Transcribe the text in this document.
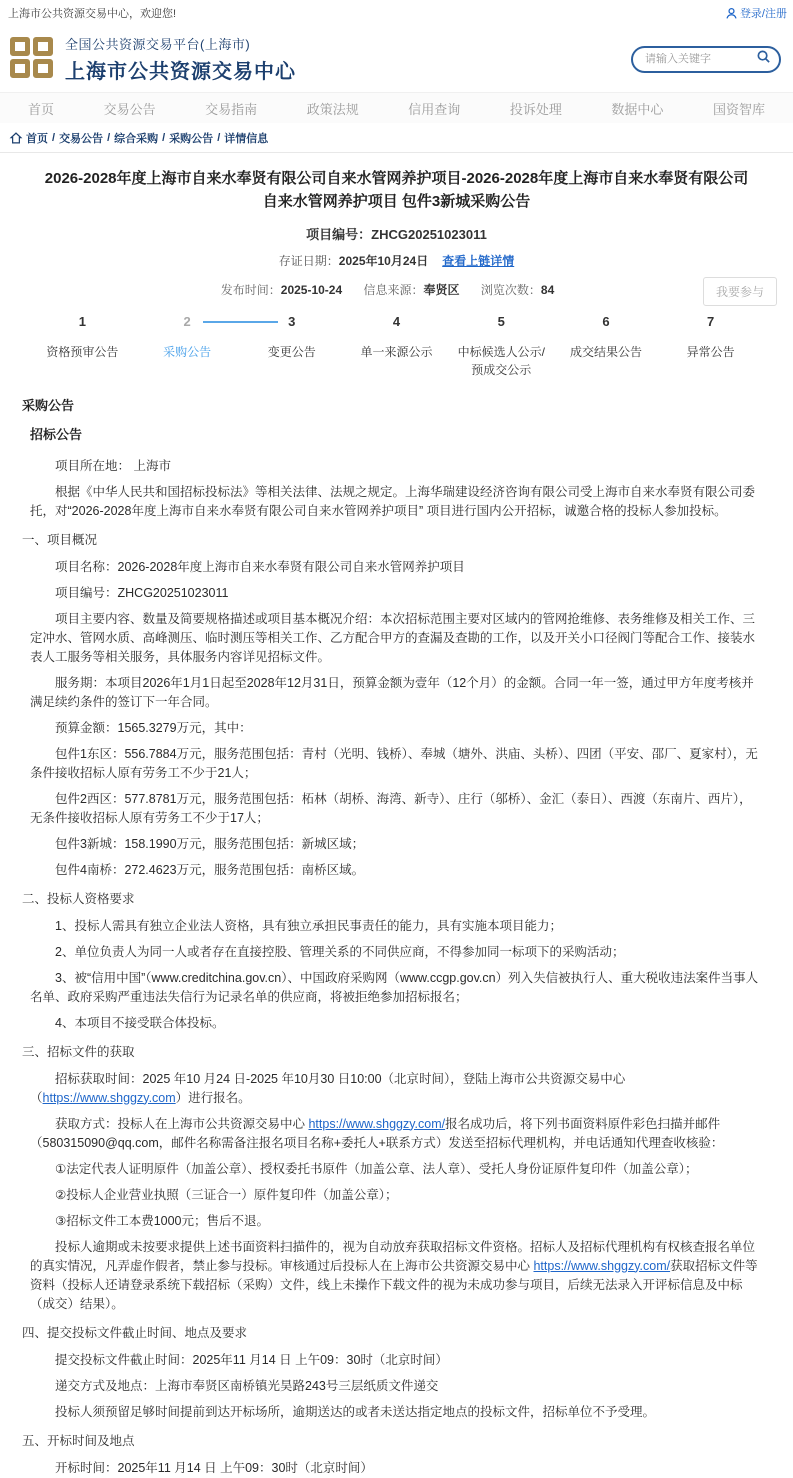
上海市公共资源交易中心，欢迎您!	登录/注册
全国公共资源交易平台(上海市)
上海市公共资源交易中心
请输入关键字
首页	交易公告	交易指南	政策法规	信用查询	投诉处理	数据中心	国资智库
首页 / 交易公告 / 综合采购 / 采购公告 / 详情信息
2026-2028年度上海市自来水奉贤有限公司自来水管网养护项目-2026-2028年度上海市自来水奉贤有限公司自来水管网养护项目 包件3新城采购公告
项目编号：ZHCG20251023011
存证日期：2025年10月24日 查看上链详情
发布时间：2025-10-24 信息来源：奉贤区 浏览次数：84	我要参与
1
资格预审公告
2
采购公告
3
变更公告
4
单一来源公示
5
中标候选人公示/预成交公示
6
成交结果公告
7
异常公告
采购公告
招标公告

项目所在地： 上海市

根据《中华人民共和国招标投标法》等相关法律、法规之规定。上海华瑞建设经济咨询有限公司受上海市自来水奉贤有限公司委托，对“2026-2028年度上海市自来水奉贤有限公司自来水管网养护项目” 项目进行国内公开招标，诚邀合格的投标人参加投标。

一、项目概况

项目名称：2026-2028年度上海市自来水奉贤有限公司自来水管网养护项目

项目编号：ZHCG20251023011

项目主要内容、数量及简要规格描述或项目基本概况介绍：本次招标范围主要对区域内的管网抢维修、表务维修及相关工作、三定冲水、管网水质、高峰测压、临时测压等相关工作、乙方配合甲方的查漏及查勘的工作，以及开关小口径阀门等配合工作、接装水表人工服务等相关服务，具体服务内容详见招标文件。

服务期：本项目2026年1月1日起至2028年12月31日，预算金额为壹年（12个月）的金额。合同一年一签，通过甲方年度考核并满足续约条件的签订下一年合同。

预算金额：1565.3279万元，其中：

包件1东区：556.7884万元，服务范围包括：青村（光明、钱桥）、奉城（塘外、洪庙、头桥）、四团（平安、邵厂、夏家村），无条件接收招标人原有劳务工不少于21人；

包件2西区：577.8781万元，服务范围包括：柘林（胡桥、海湾、新寺）、庄行（邬桥）、金汇（泰日）、西渡（东南片、西片），无条件接收招标人原有劳务工不少于17人；

包件3新城：158.1990万元，服务范围包括：新城区域；

包件4南桥：272.4623万元，服务范围包括：南桥区域。

二、投标人资格要求

1、投标人需具有独立企业法人资格，具有独立承担民事责任的能力，具有实施本项目能力；

2、单位负责人为同一人或者存在直接控股、管理关系的不同供应商，不得参加同一标项下的采购活动；

3、被“信用中国”（www.creditchina.gov.cn）、中国政府采购网（www.ccgp.gov.cn）列入失信被执行人、重大税收违法案件当事人名单、政府采购严重违法失信行为记录名单的供应商，将被拒绝参加招标报名；

4、本项目不接受联合体投标。

三、招标文件的获取

招标获取时间：2025 年10 月24 日-2025 年10月30 日10:00（北京时间），登陆上海市公共资源交易中心（https://www.shggzy.com）进行报名。

获取方式：投标人在上海市公共资源交易中心 https://www.shggzy.com/报名成功后，将下列书面资料原件彩色扫描并邮件（580315090@qq.com，邮件名称需备注报名项目名称+委托人+联系方式）发送至招标代理机构，并电话通知代理查收核验：

①法定代表人证明原件（加盖公章）、授权委托书原件（加盖公章、法人章）、受托人身份证原件复印件（加盖公章）；

②投标人企业营业执照（三证合一）原件复印件（加盖公章）；

③招标文件工本费1000元；售后不退。

投标人逾期或未按要求提供上述书面资料扫描件的，视为自动放弃获取招标文件资格。招标人及招标代理机构有权核查报名单位的真实情况，凡弄虚作假者，禁止参与投标。审核通过后投标人在上海市公共资源交易中心 https://www.shggzy.com/获取招标文件等资料（投标人还请登录系统下载招标（采购）文件，线上未操作下载文件的视为未成功参与项目，后续无法录入开评标信息及中标（成交）结果）。

四、提交投标文件截止时间、地点及要求

提交投标文件截止时间：2025年11 月14 日 上午09：30时（北京时间）

递交方式及地点：上海市奉贤区南桥镇光昊路243号三层纸质文件递交

投标人须预留足够时间提前到达开标场所，逾期送达的或者未送达指定地点的投标文件，招标单位不予受理。

五、开标时间及地点

开标时间：2025年11 月14 日 上午09：30时（北京时间）
